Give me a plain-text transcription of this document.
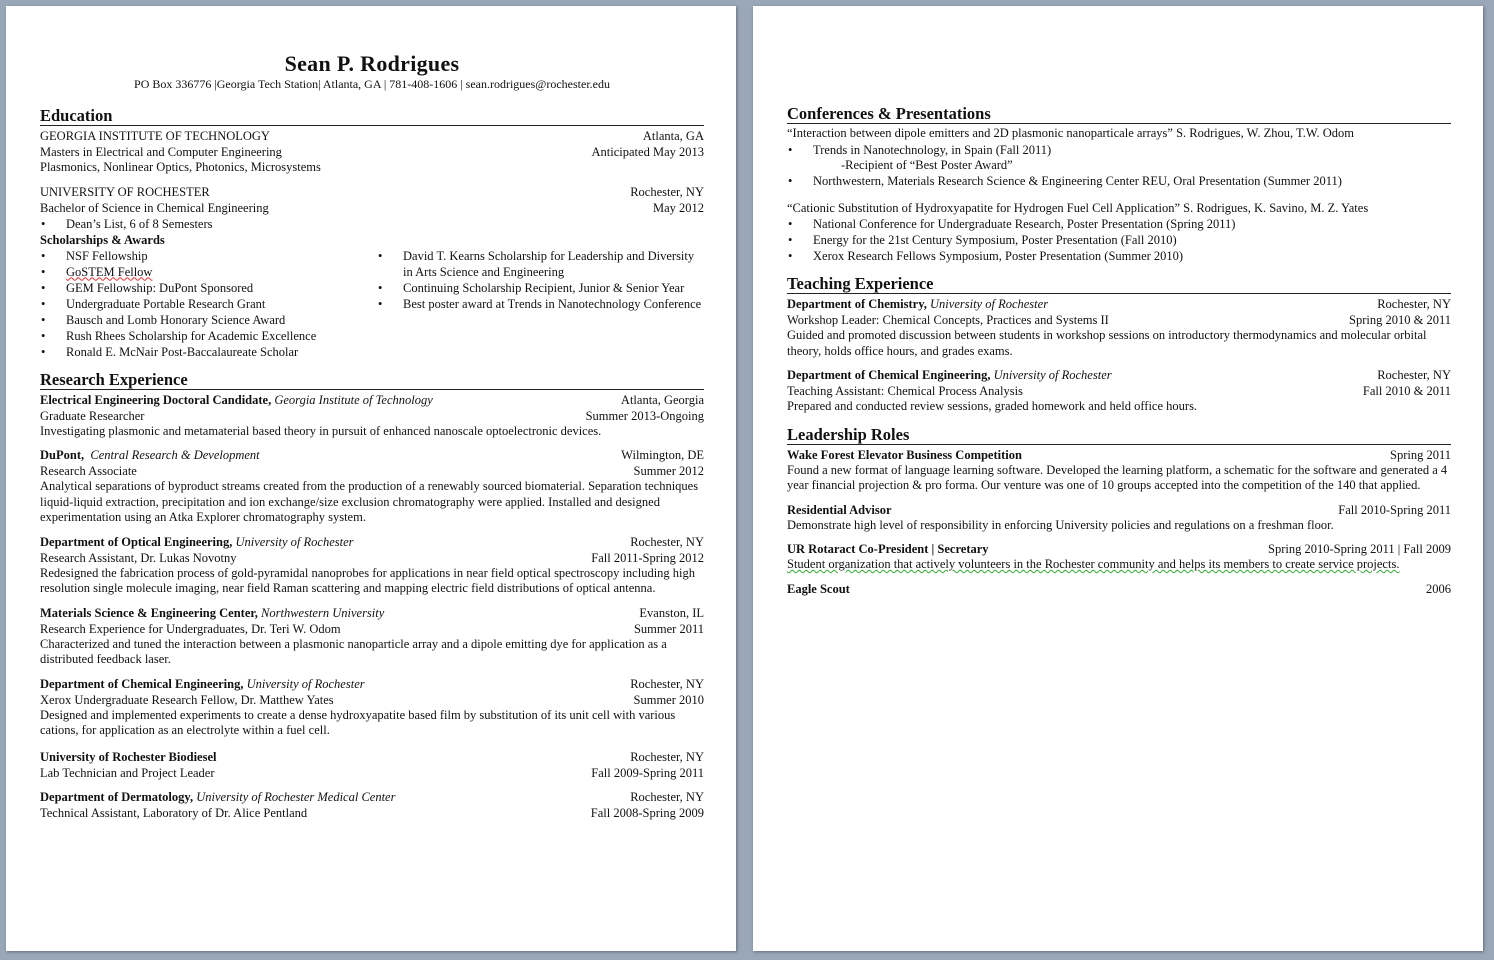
Sean P. Rodrigues
PO Box 336776 |Georgia Tech Station| Atlanta, GA | 781-408-1606 | sean.rodrigues@rochester.edu
Education
GEORGIA INSTITUTE OF TECHNOLOGY	Atlanta, GA
Masters in Electrical and Computer Engineering	Anticipated May 2013
Plasmonics, Nonlinear Optics, Photonics, Microsystems
UNIVERSITY OF ROCHESTER	Rochester, NY
Bachelor of Science in Chemical Engineering	May 2012
• Dean’s List, 6 of 8 Semesters
Scholarships & Awards
• NSF Fellowship
• GoSTEM Fellow
• GEM Fellowship: DuPont Sponsored
• Undergraduate Portable Research Grant
• Bausch and Lomb Honorary Science Award
• Rush Rhees Scholarship for Academic Excellence
• Ronald E. McNair Post-Baccalaureate Scholar
• David T. Kearns Scholarship for Leadership and Diversity in Arts Science and Engineering
• Continuing Scholarship Recipient, Junior & Senior Year
• Best poster award at Trends in Nanotechnology Conference
Research Experience
Electrical Engineering Doctoral Candidate, Georgia Institute of Technology	Atlanta, Georgia
Graduate Researcher	Summer 2013-Ongoing
Investigating plasmonic and metamaterial based theory in pursuit of enhanced nanoscale optoelectronic devices.
DuPont, Central Research & Development	Wilmington, DE
Research Associate	Summer 2012
Analytical separations of byproduct streams created from the production of a renewably sourced biomaterial. Separation techniques liquid-liquid extraction, precipitation and ion exchange/size exclusion chromatography were applied. Installed and designed experimentation using an Atka Explorer chromatography system.
Department of Optical Engineering, University of Rochester	Rochester, NY
Research Assistant, Dr. Lukas Novotny	Fall 2011-Spring 2012
Redesigned the fabrication process of gold-pyramidal nanoprobes for applications in near field optical spectroscopy including high resolution single molecule imaging, near field Raman scattering and mapping electric field distributions of optical antenna.
Materials Science & Engineering Center, Northwestern University	Evanston, IL
Research Experience for Undergraduates, Dr. Teri W. Odom	Summer 2011
Characterized and tuned the interaction between a plasmonic nanoparticle array and a dipole emitting dye for application as a distributed feedback laser.
Department of Chemical Engineering, University of Rochester	Rochester, NY
Xerox Undergraduate Research Fellow, Dr. Matthew Yates	Summer 2010
Designed and implemented experiments to create a dense hydroxyapatite based film by substitution of its unit cell with various cations, for application as an electrolyte within a fuel cell.
University of Rochester Biodiesel	Rochester, NY
Lab Technician and Project Leader	Fall 2009-Spring 2011
Department of Dermatology, University of Rochester Medical Center	Rochester, NY
Technical Assistant, Laboratory of Dr. Alice Pentland	Fall 2008-Spring 2009
Conferences & Presentations
“Interaction between dipole emitters and 2D plasmonic nanoparticale arrays” S. Rodrigues, W. Zhou, T.W. Odom
• Trends in Nanotechnology, in Spain (Fall 2011)
-Recipient of “Best Poster Award”
• Northwestern, Materials Research Science & Engineering Center REU, Oral Presentation (Summer 2011)
“Cationic Substitution of Hydroxyapatite for Hydrogen Fuel Cell Application” S. Rodrigues, K. Savino, M. Z. Yates
• National Conference for Undergraduate Research, Poster Presentation (Spring 2011)
• Energy for the 21st Century Symposium, Poster Presentation (Fall 2010)
• Xerox Research Fellows Symposium, Poster Presentation (Summer 2010)
Teaching Experience
Department of Chemistry, University of Rochester	Rochester, NY
Workshop Leader: Chemical Concepts, Practices and Systems II	Spring 2010 & 2011
Guided and promoted discussion between students in workshop sessions on introductory thermodynamics and molecular orbital theory, holds office hours, and grades exams.
Department of Chemical Engineering, University of Rochester	Rochester, NY
Teaching Assistant: Chemical Process Analysis	Fall 2010 & 2011
Prepared and conducted review sessions, graded homework and held office hours.
Leadership Roles
Wake Forest Elevator Business Competition	Spring 2011
Found a new format of language learning software. Developed the learning platform, a schematic for the software and generated a 4 year financial projection & pro forma. Our venture was one of 10 groups accepted into the competition of the 140 that applied.
Residential Advisor	Fall 2010-Spring 2011
Demonstrate high level of responsibility in enforcing University policies and regulations on a freshman floor.
UR Rotaract Co-President | Secretary	Spring 2010-Spring 2011 | Fall 2009
Student organization that actively volunteers in the Rochester community and helps its members to create service projects.
Eagle Scout	2006
